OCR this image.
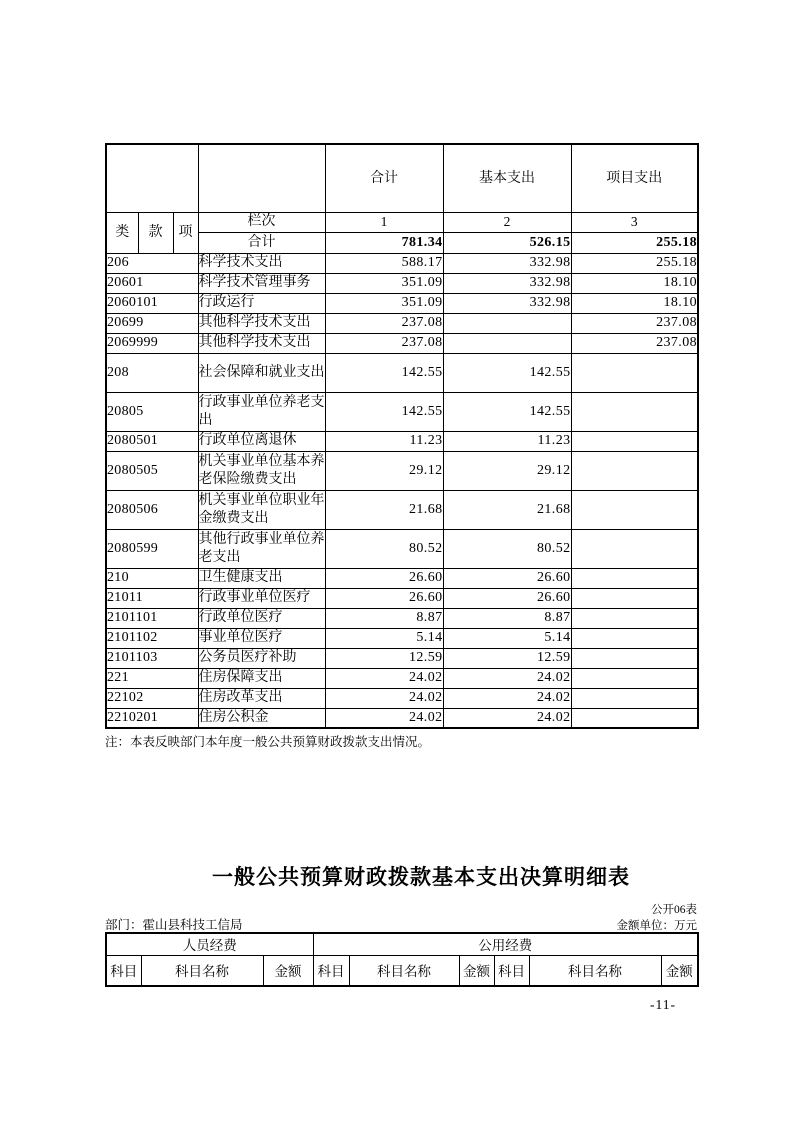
				合计	基本支出	项目支出
类	款	项	栏次	1	2	3
			合计	781.34	526.15	255.18
206			科学技术支出	588.17	332.98	255.18
20601			科学技术管理事务	351.09	332.98	18.10
2060101			行政运行	351.09	332.98	18.10
20699			其他科学技术支出	237.08		237.08
2069999			其他科学技术支出	237.08		237.08
208			社会保障和就业支出	142.55	142.55	
20805			行政事业单位养老支出	142.55	142.55	
2080501			行政单位离退休	11.23	11.23	
2080505			机关事业单位基本养老保险缴费支出	29.12	29.12	
2080506			机关事业单位职业年金缴费支出	21.68	21.68	
2080599			其他行政事业单位养老支出	80.52	80.52	
210			卫生健康支出	26.60	26.60	
21011			行政事业单位医疗	26.60	26.60	
2101101			行政单位医疗	8.87	8.87	
2101102			事业单位医疗	5.14	5.14	
2101103			公务员医疗补助	12.59	12.59	
221			住房保障支出	24.02	24.02	
22102			住房改革支出	24.02	24.02	
2210201			住房公积金	24.02	24.02	
注：本表反映部门本年度一般公共预算财政拨款支出情况。
一般公共预算财政拨款基本支出决算明细表
公开06表
部门：霍山县科技工信局	金额单位：万元
人员经费			公用经费					
科目	科目名称	金额	科目	科目名称	金额	科目	科目名称	金额
-11-
